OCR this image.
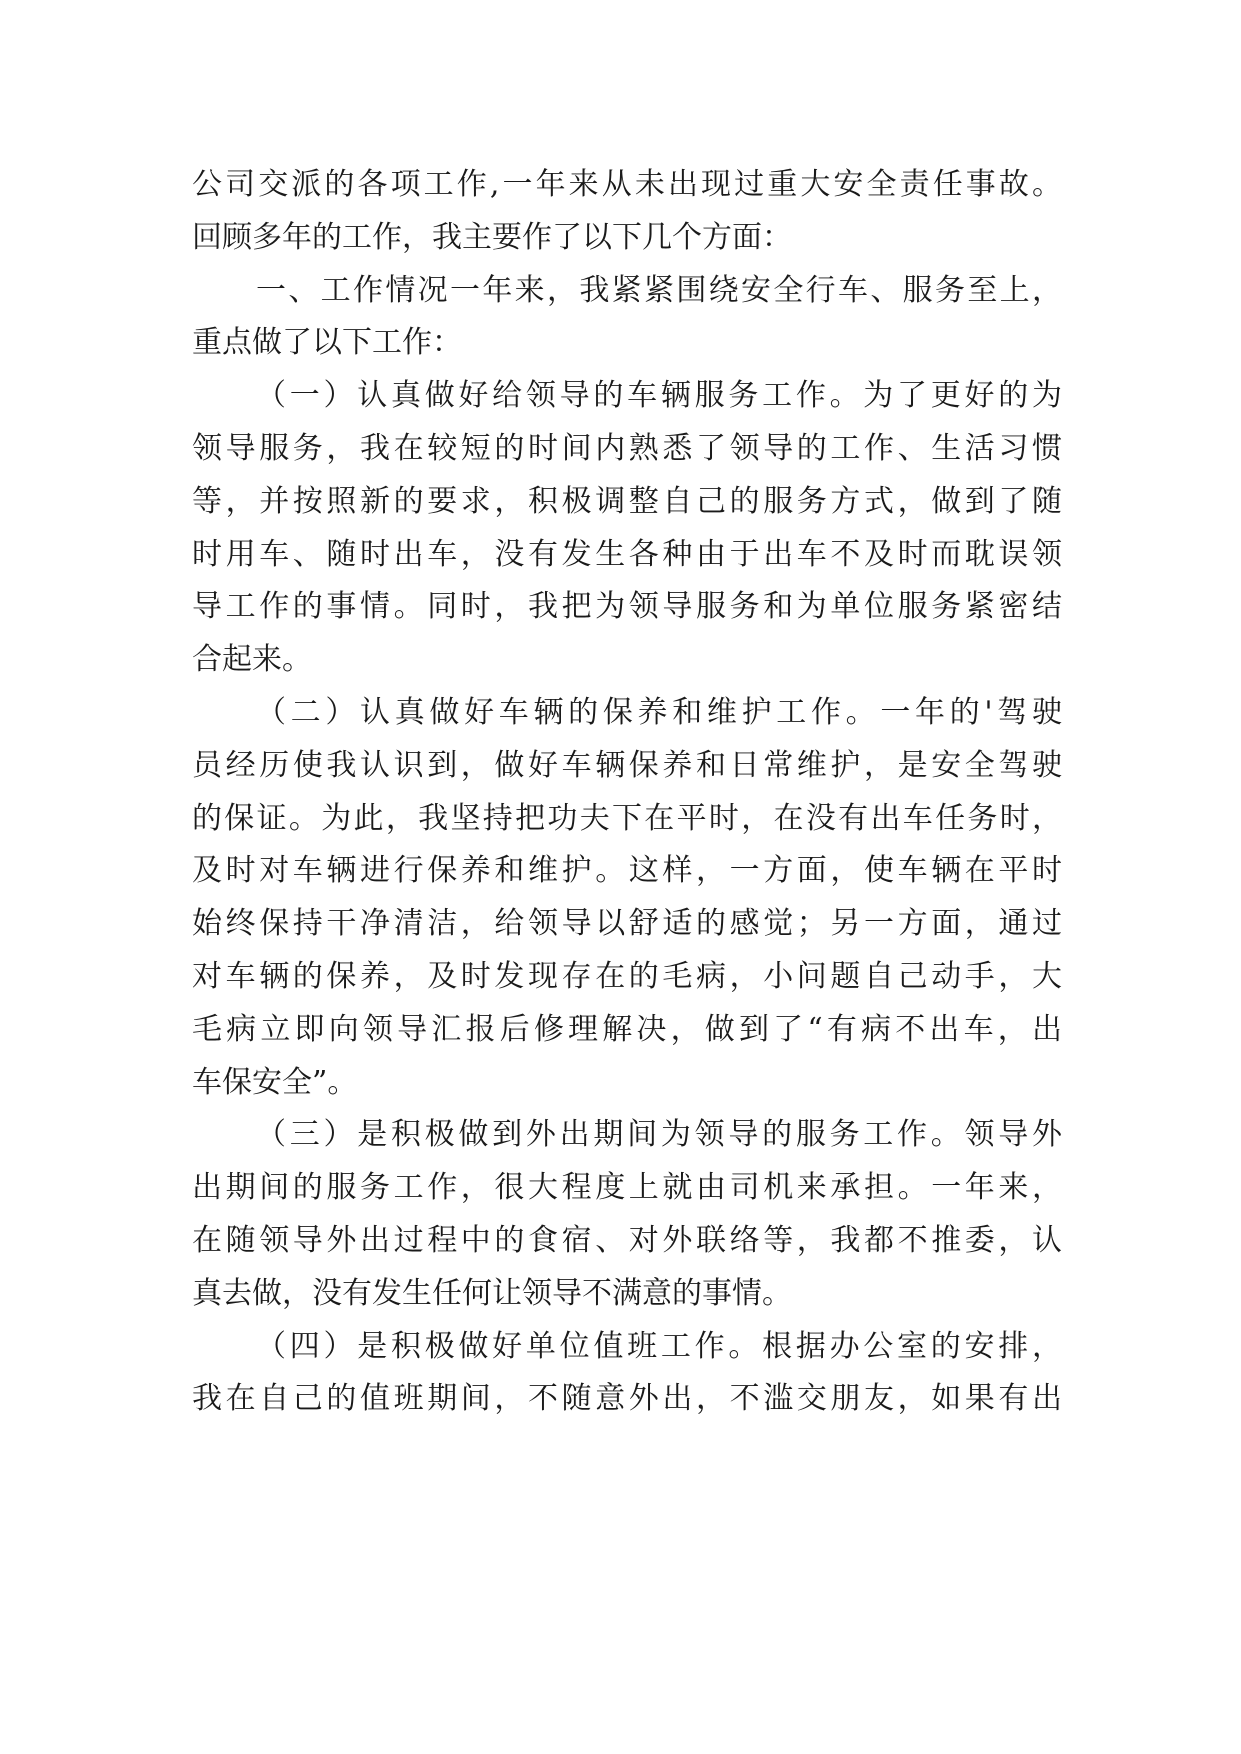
公司交派的各项工作,一年来从未出现过重大安全责任事故。
回顾多年的工作，我主要作了以下几个方面：
一、工作情况一年来，我紧紧围绕安全行车、服务至上，
重点做了以下工作：
（一）认真做好给领导的车辆服务工作。为了更好的为
领导服务，我在较短的时间内熟悉了领导的工作、生活习惯
等，并按照新的要求，积极调整自己的服务方式，做到了随
时用车、随时出车，没有发生各种由于出车不及时而耽误领
导工作的事情。同时，我把为领导服务和为单位服务紧密结
合起来。
（二）认真做好车辆的保养和维护工作。一年的'驾驶
员经历使我认识到，做好车辆保养和日常维护，是安全驾驶
的保证。为此，我坚持把功夫下在平时，在没有出车任务时，
及时对车辆进行保养和维护。这样，一方面，使车辆在平时
始终保持干净清洁，给领导以舒适的感觉；另一方面，通过
对车辆的保养，及时发现存在的毛病，小问题自己动手，大
毛病立即向领导汇报后修理解决，做到了“有病不出车，出
车保安全”。
（三）是积极做到外出期间为领导的服务工作。领导外
出期间的服务工作，很大程度上就由司机来承担。一年来，
在随领导外出过程中的食宿、对外联络等，我都不推委，认
真去做，没有发生任何让领导不满意的事情。
（四）是积极做好单位值班工作。根据办公室的安排，
我在自己的值班期间，不随意外出，不滥交朋友，如果有出
